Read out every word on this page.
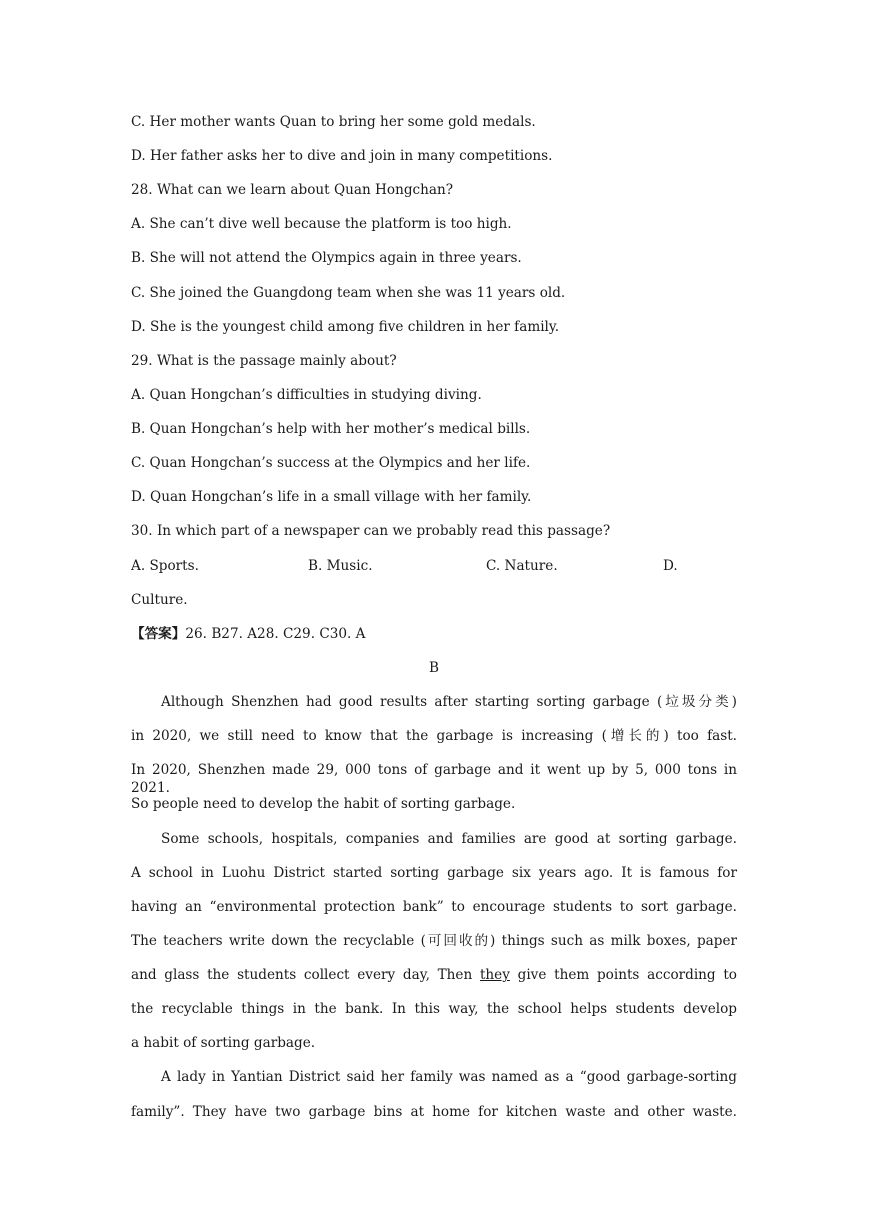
C. Her mother wants Quan to bring her some gold medals.
D. Her father asks her to dive and join in many competitions.
28. What can we learn about Quan Hongchan?
A. She can’t dive well because the platform is too high.
B. She will not attend the Olympics again in three years.
C. She joined the Guangdong team when she was 11 years old.
D. She is the youngest child among five children in her family.
29. What is the passage mainly about?
A. Quan Hongchan’s difficulties in studying diving.
B. Quan Hongchan’s help with her mother’s medical bills.
C. Quan Hongchan’s success at the Olympics and her life.
D. Quan Hongchan’s life in a small village with her family.
30. In which part of a newspaper can we probably read this passage?
A. Sports.	B. Music.	C. Nature.	D.
Culture.
【答案】26. B27. A28. C29. C30. A
B
Although Shenzhen had good results after starting sorting garbage (垃圾分类)
in 2020, we still need to know that the garbage is increasing (增长的) too fast.
In 2020, Shenzhen made 29, 000 tons of garbage and it went up by 5, 000 tons in 2021.
So people need to develop the habit of sorting garbage.
Some schools, hospitals, companies and families are good at sorting garbage.
A school in Luohu District started sorting garbage six years ago. It is famous for
having an “environmental protection bank” to encourage students to sort garbage.
The teachers write down the recyclable (可回收的) things such as milk boxes, paper
and glass the students collect every day, Then they give them points according to
the recyclable things in the bank. In this way, the school helps students develop
a habit of sorting garbage.
A lady in Yantian District said her family was named as a “good garbage-sorting
family”. They have two garbage bins at home for kitchen waste and other waste.
